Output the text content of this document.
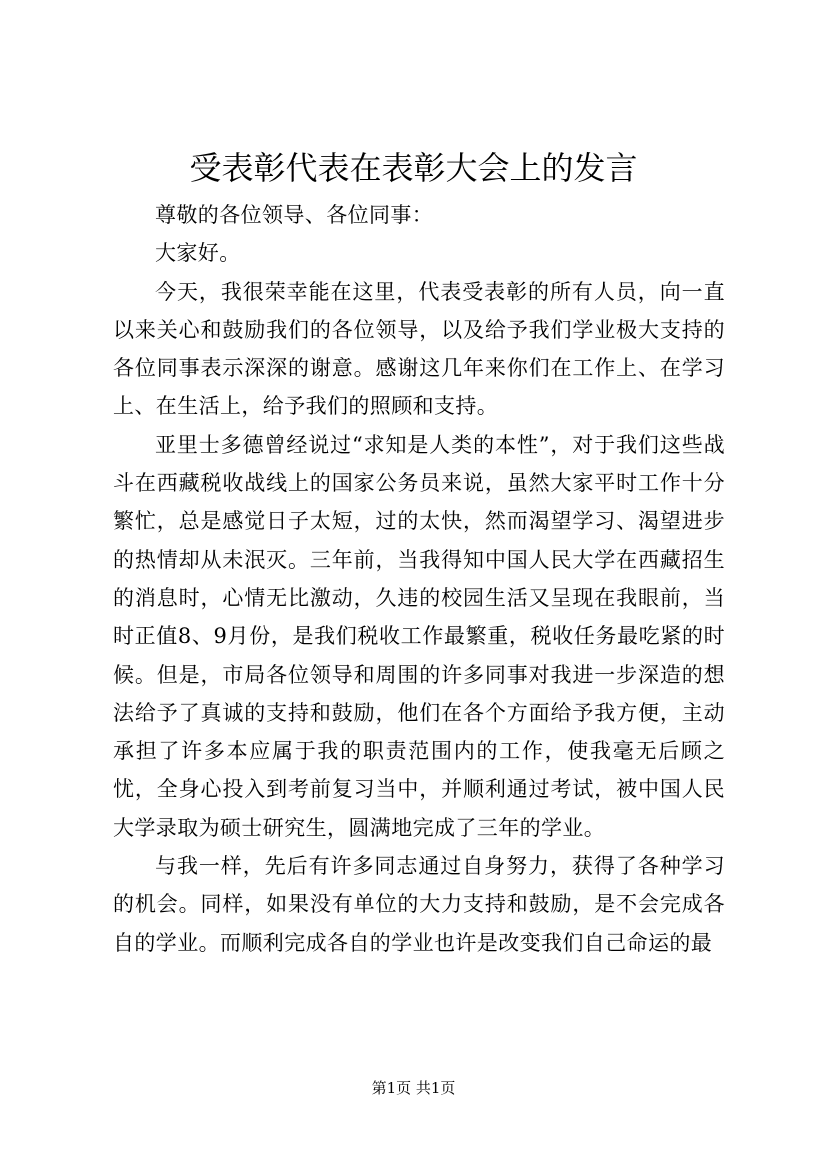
受表彰代表在表彰大会上的发言

尊敬的各位领导、各位同事：

大家好。

今天，我很荣幸能在这里，代表受表彰的所有人员，向一直以来关心和鼓励我们的各位领导，以及给予我们学业极大支持的各位同事表示深深的谢意。感谢这几年来你们在工作上、在学习上、在生活上，给予我们的照顾和支持。

亚里士多德曾经说过“求知是人类的本性”，对于我们这些战斗在西藏税收战线上的国家公务员来说，虽然大家平时工作十分繁忙，总是感觉日子太短，过的太快，然而渴望学习、渴望进步的热情却从未泯灭。三年前，当我得知中国人民大学在西藏招生的消息时，心情无比激动，久违的校园生活又呈现在我眼前，当时正值8、9月份，是我们税收工作最繁重，税收任务最吃紧的时候。但是，市局各位领导和周围的许多同事对我进一步深造的想法给予了真诚的支持和鼓励，他们在各个方面给予我方便，主动承担了许多本应属于我的职责范围内的工作，使我毫无后顾之忧，全身心投入到考前复习当中，并顺利通过考试，被中国人民大学录取为硕士研究生，圆满地完成了三年的学业。

与我一样，先后有许多同志通过自身努力，获得了各种学习的机会。同样，如果没有单位的大力支持和鼓励，是不会完成各自的学业。而顺利完成各自的学业也许是改变我们自己命运的最

第1页 共1页
